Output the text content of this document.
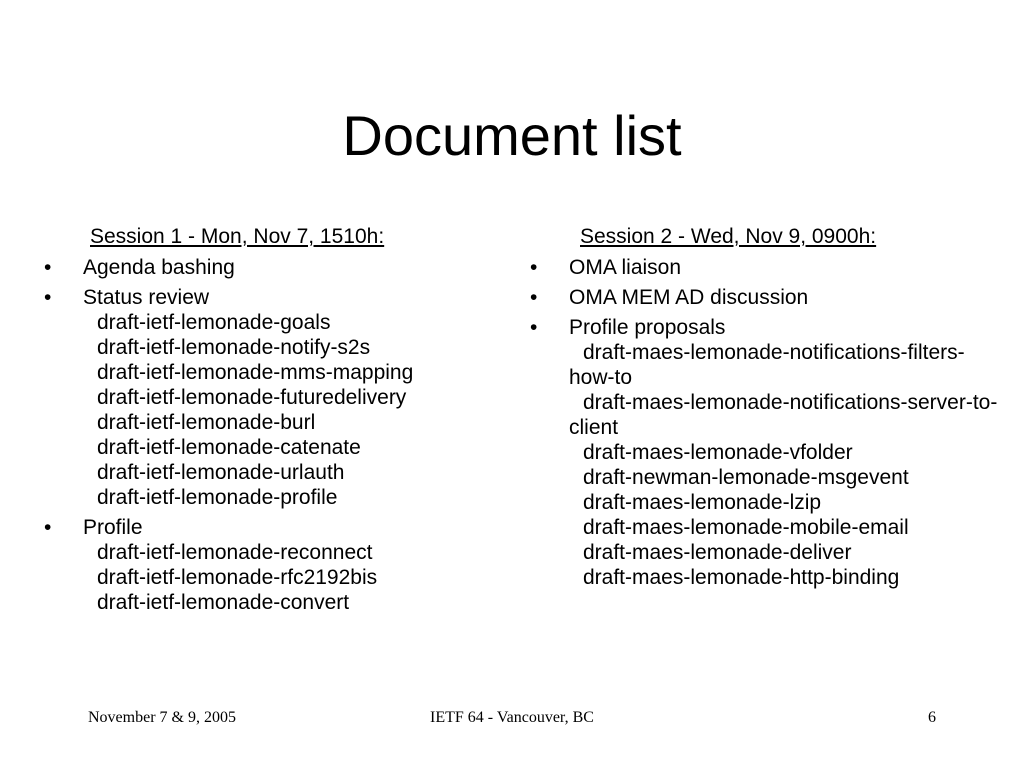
Document list
Session 1 - Mon, Nov 7, 1510h:
• Agenda bashing
• Status review
draft-ietf-lemonade-goals
draft-ietf-lemonade-notify-s2s
draft-ietf-lemonade-mms-mapping
draft-ietf-lemonade-futuredelivery
draft-ietf-lemonade-burl
draft-ietf-lemonade-catenate
draft-ietf-lemonade-urlauth
draft-ietf-lemonade-profile
• Profile
draft-ietf-lemonade-reconnect
draft-ietf-lemonade-rfc2192bis
draft-ietf-lemonade-convert
Session 2 - Wed, Nov 9, 0900h:
• OMA liaison
• OMA MEM AD discussion
•	Profile proposals
draft-maes-lemonade-notifications-filters-how-to
draft-maes-lemonade-notifications-server-to-client
draft-maes-lemonade-vfolder
draft-newman-lemonade-msgevent
draft-maes-lemonade-lzip
draft-maes-lemonade-mobile-email
draft-maes-lemonade-deliver
draft-maes-lemonade-http-binding
November 7 & 9, 2005	IETF 64 - Vancouver, BC	6
